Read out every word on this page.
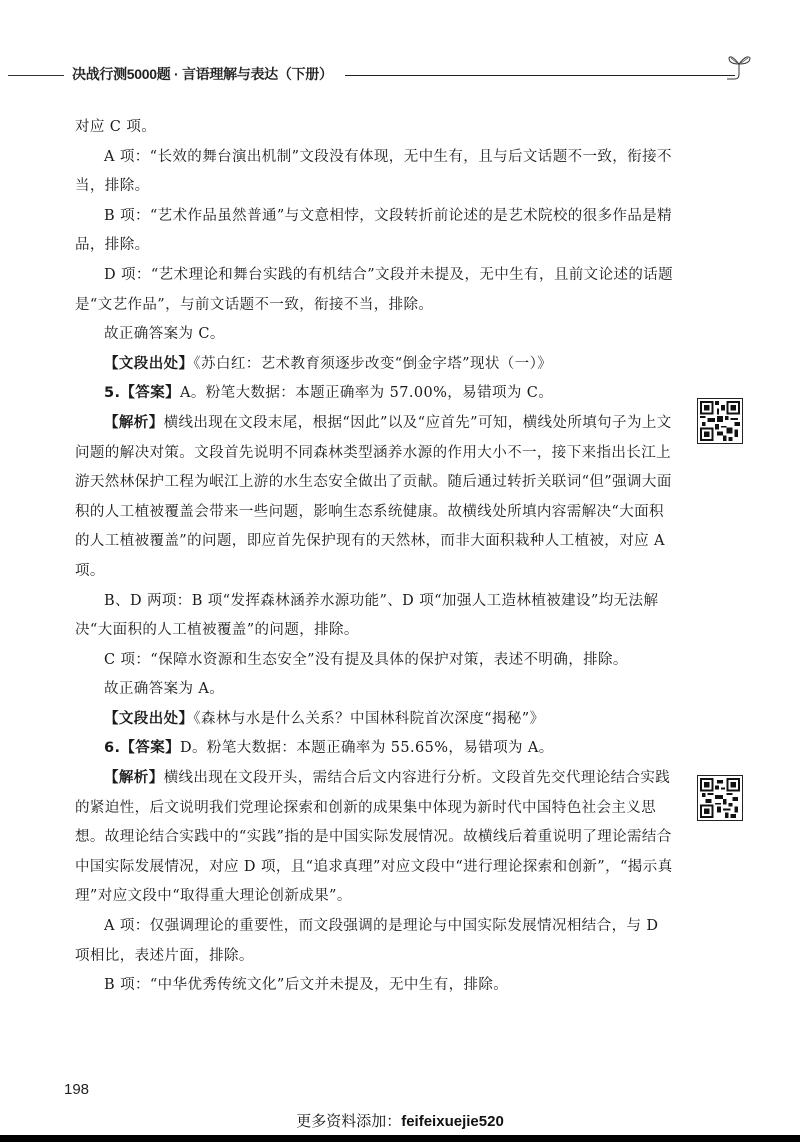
决战行测5000题 · 言语理解与表达（下册）

对应 C 项。

A 项：“长效的舞台演出机制”文段没有体现，无中生有，且与后文话题不一致，衔接不当，排除。

B 项：“艺术作品虽然普通”与文意相悖，文段转折前论述的是艺术院校的很多作品是精品，排除。

D 项：“艺术理论和舞台实践的有机结合”文段并未提及，无中生有，且前文论述的话题是“文艺作品”，与前文话题不一致，衔接不当，排除。

故正确答案为 C。

【文段出处】《苏白红：艺术教育须逐步改变“倒金字塔”现状（一）》

5.【答案】A。粉笔大数据：本题正确率为 57.00%，易错项为 C。

【解析】横线出现在文段末尾，根据“因此”以及“应首先”可知，横线处所填句子为上文问题的解决对策。文段首先说明不同森林类型涵养水源的作用大小不一，接下来指出长江上游天然林保护工程为岷江上游的水生态安全做出了贡献。随后通过转折关联词“但”强调大面积的人工植被覆盖会带来一些问题，影响生态系统健康。故横线处所填内容需解决“大面积的人工植被覆盖”的问题，即应首先保护现有的天然林，而非大面积栽种人工植被，对应 A 项。

B、D 两项：B 项“发挥森林涵养水源功能”、D 项“加强人工造林植被建设”均无法解决“大面积的人工植被覆盖”的问题，排除。

C 项：“保障水资源和生态安全”没有提及具体的保护对策，表述不明确，排除。

故正确答案为 A。

【文段出处】《森林与水是什么关系？中国林科院首次深度“揭秘”》

6.【答案】D。粉笔大数据：本题正确率为 55.65%，易错项为 A。

【解析】横线出现在文段开头，需结合后文内容进行分析。文段首先交代理论结合实践的紧迫性，后文说明我们党理论探索和创新的成果集中体现为新时代中国特色社会主义思想。故理论结合实践中的“实践”指的是中国实际发展情况。故横线后着重说明了理论需结合中国实际发展情况，对应 D 项，且“追求真理”对应文段中“进行理论探索和创新”，“揭示真理”对应文段中“取得重大理论创新成果”。

A 项：仅强调理论的重要性，而文段强调的是理论与中国实际发展情况相结合，与 D 项相比，表述片面，排除。

B 项：“中华优秀传统文化”后文并未提及，无中生有，排除。

198
更多资料添加：feifeixuejie520
